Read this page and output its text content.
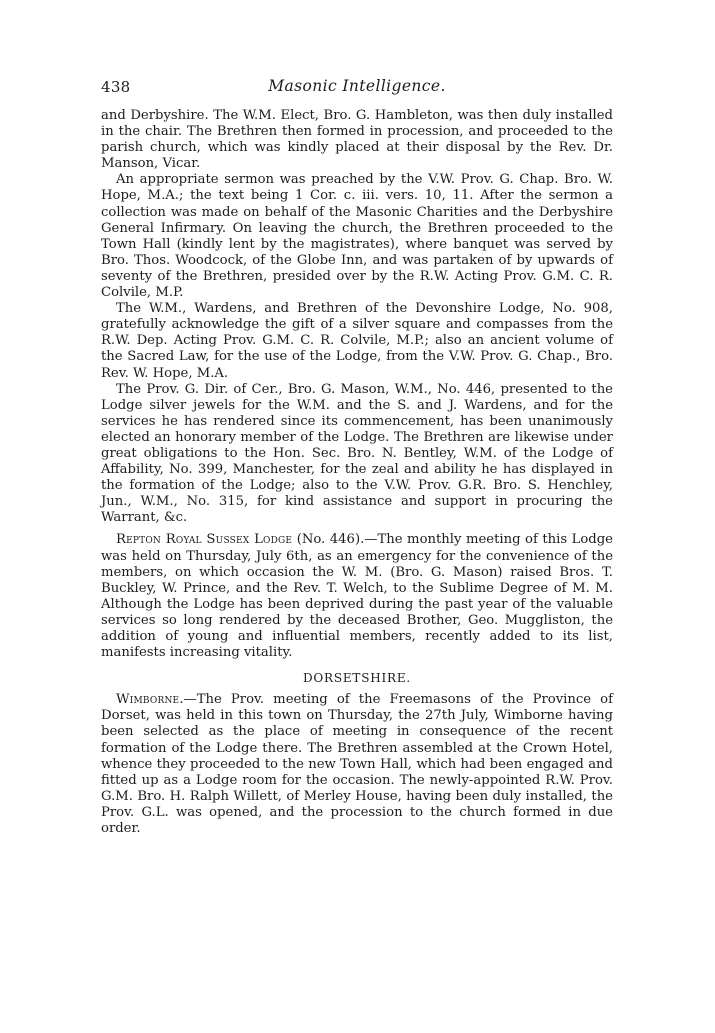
438	Masonic Intelligence.

and Derbyshire. The W.M. Elect, Bro. G. Hambleton, was then duly installed in the chair. The Brethren then formed in procession, and proceeded to the parish church, which was kindly placed at their disposal by the Rev. Dr. Manson, Vicar.

An appropriate sermon was preached by the V.W. Prov. G. Chap. Bro. W. Hope, M.A.; the text being 1 Cor. c. iii. vers. 10, 11. After the sermon a collection was made on behalf of the Masonic Charities and the Derbyshire General Infirmary. On leaving the church, the Brethren proceeded to the Town Hall (kindly lent by the magistrates), where banquet was served by Bro. Thos. Woodcock, of the Globe Inn, and was partaken of by upwards of seventy of the Brethren, presided over by the R.W. Acting Prov. G.M. C. R. Colvile, M.P.

The W.M., Wardens, and Brethren of the Devonshire Lodge, No. 908, gratefully acknowledge the gift of a silver square and compasses from the R.W. Dep. Acting Prov. G.M. C. R. Colvile, M.P.; also an ancient volume of the Sacred Law, for the use of the Lodge, from the V.W. Prov. G. Chap., Bro. Rev. W. Hope, M.A.

The Prov. G. Dir. of Cer., Bro. G. Mason, W.M., No. 446, presented to the Lodge silver jewels for the W.M. and the S. and J. Wardens, and for the services he has rendered since its commencement, has been unanimously elected an honorary member of the Lodge. The Brethren are likewise under great obligations to the Hon. Sec. Bro. N. Bentley, W.M. of the Lodge of Affability, No. 399, Manchester, for the zeal and ability he has displayed in the formation of the Lodge; also to the V.W. Prov. G.R. Bro. S. Henchley, Jun., W.M., No. 315, for kind assistance and support in procuring the Warrant, &c.

Repton Royal Sussex Lodge (No. 446).—The monthly meeting of this Lodge was held on Thursday, July 6th, as an emergency for the convenience of the members, on which occasion the W. M. (Bro. G. Mason) raised Bros. T. Buckley, W. Prince, and the Rev. T. Welch, to the Sublime Degree of M. M. Although the Lodge has been deprived during the past year of the valuable services so long rendered by the deceased Brother, Geo. Muggliston, the addition of young and influential members, recently added to its list, manifests increasing vitality.

DORSETSHIRE.

Wimborne.—The Prov. meeting of the Freemasons of the Province of Dorset, was held in this town on Thursday, the 27th July, Wimborne having been selected as the place of meeting in consequence of the recent formation of the Lodge there. The Brethren assembled at the Crown Hotel, whence they proceeded to the new Town Hall, which had been engaged and fitted up as a Lodge room for the occasion. The newly-appointed R.W. Prov. G.M. Bro. H. Ralph Willett, of Merley House, having been duly installed, the Prov. G.L. was opened, and the procession to the church formed in due order.
